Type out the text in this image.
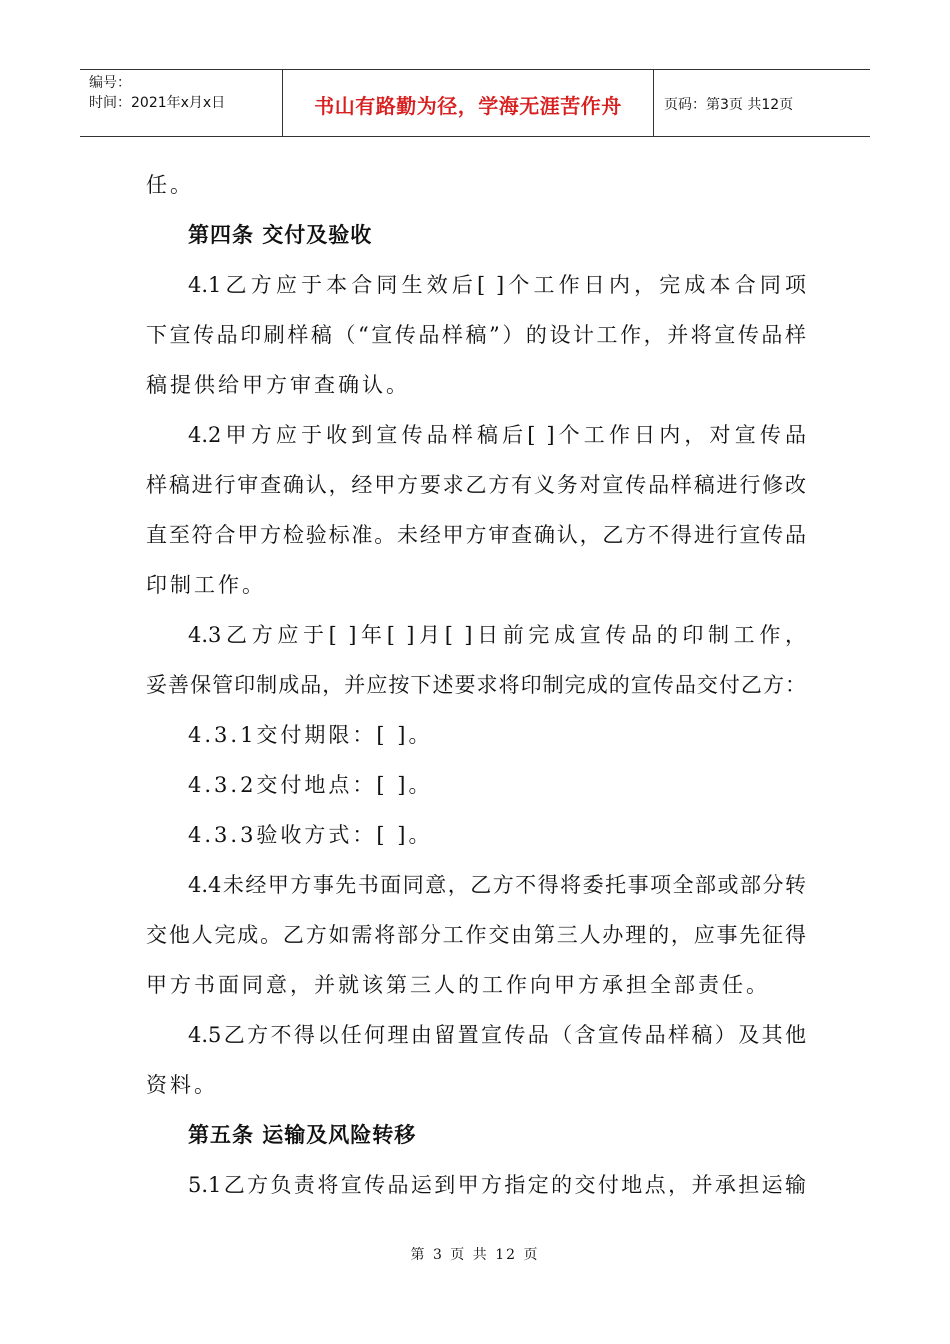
编号：
时间：2021年x月x日	书山有路勤为径，学海无涯苦作舟	页码：第3页 共12页
任。
第四条 交付及验收
4.1乙方应于本合同生效后[ ]个工作日内，完成本合同项
下宣传品印刷样稿（“宣传品样稿”）的设计工作，并将宣传品样
稿提供给甲方审查确认。
4.2甲方应于收到宣传品样稿后[ ]个工作日内，对宣传品
样稿进行审查确认，经甲方要求乙方有义务对宣传品样稿进行修改
直至符合甲方检验标准。未经甲方审查确认，乙方不得进行宣传品
印制工作。
4.3乙方应于[ ]年[ ]月[ ]日前完成宣传品的印制工作，
妥善保管印制成品，并应按下述要求将印制完成的宣传品交付乙方：
4.3.1交付期限：[ ]。
4.3.2交付地点：[ ]。
4.3.3验收方式：[ ]。
4.4未经甲方事先书面同意，乙方不得将委托事项全部或部分转
交他人完成。乙方如需将部分工作交由第三人办理的，应事先征得
甲方书面同意，并就该第三人的工作向甲方承担全部责任。
4.5乙方不得以任何理由留置宣传品（含宣传品样稿）及其他
资料。
第五条 运输及风险转移
5.1乙方负责将宣传品运到甲方指定的交付地点，并承担运输
第 3 页 共 12 页
